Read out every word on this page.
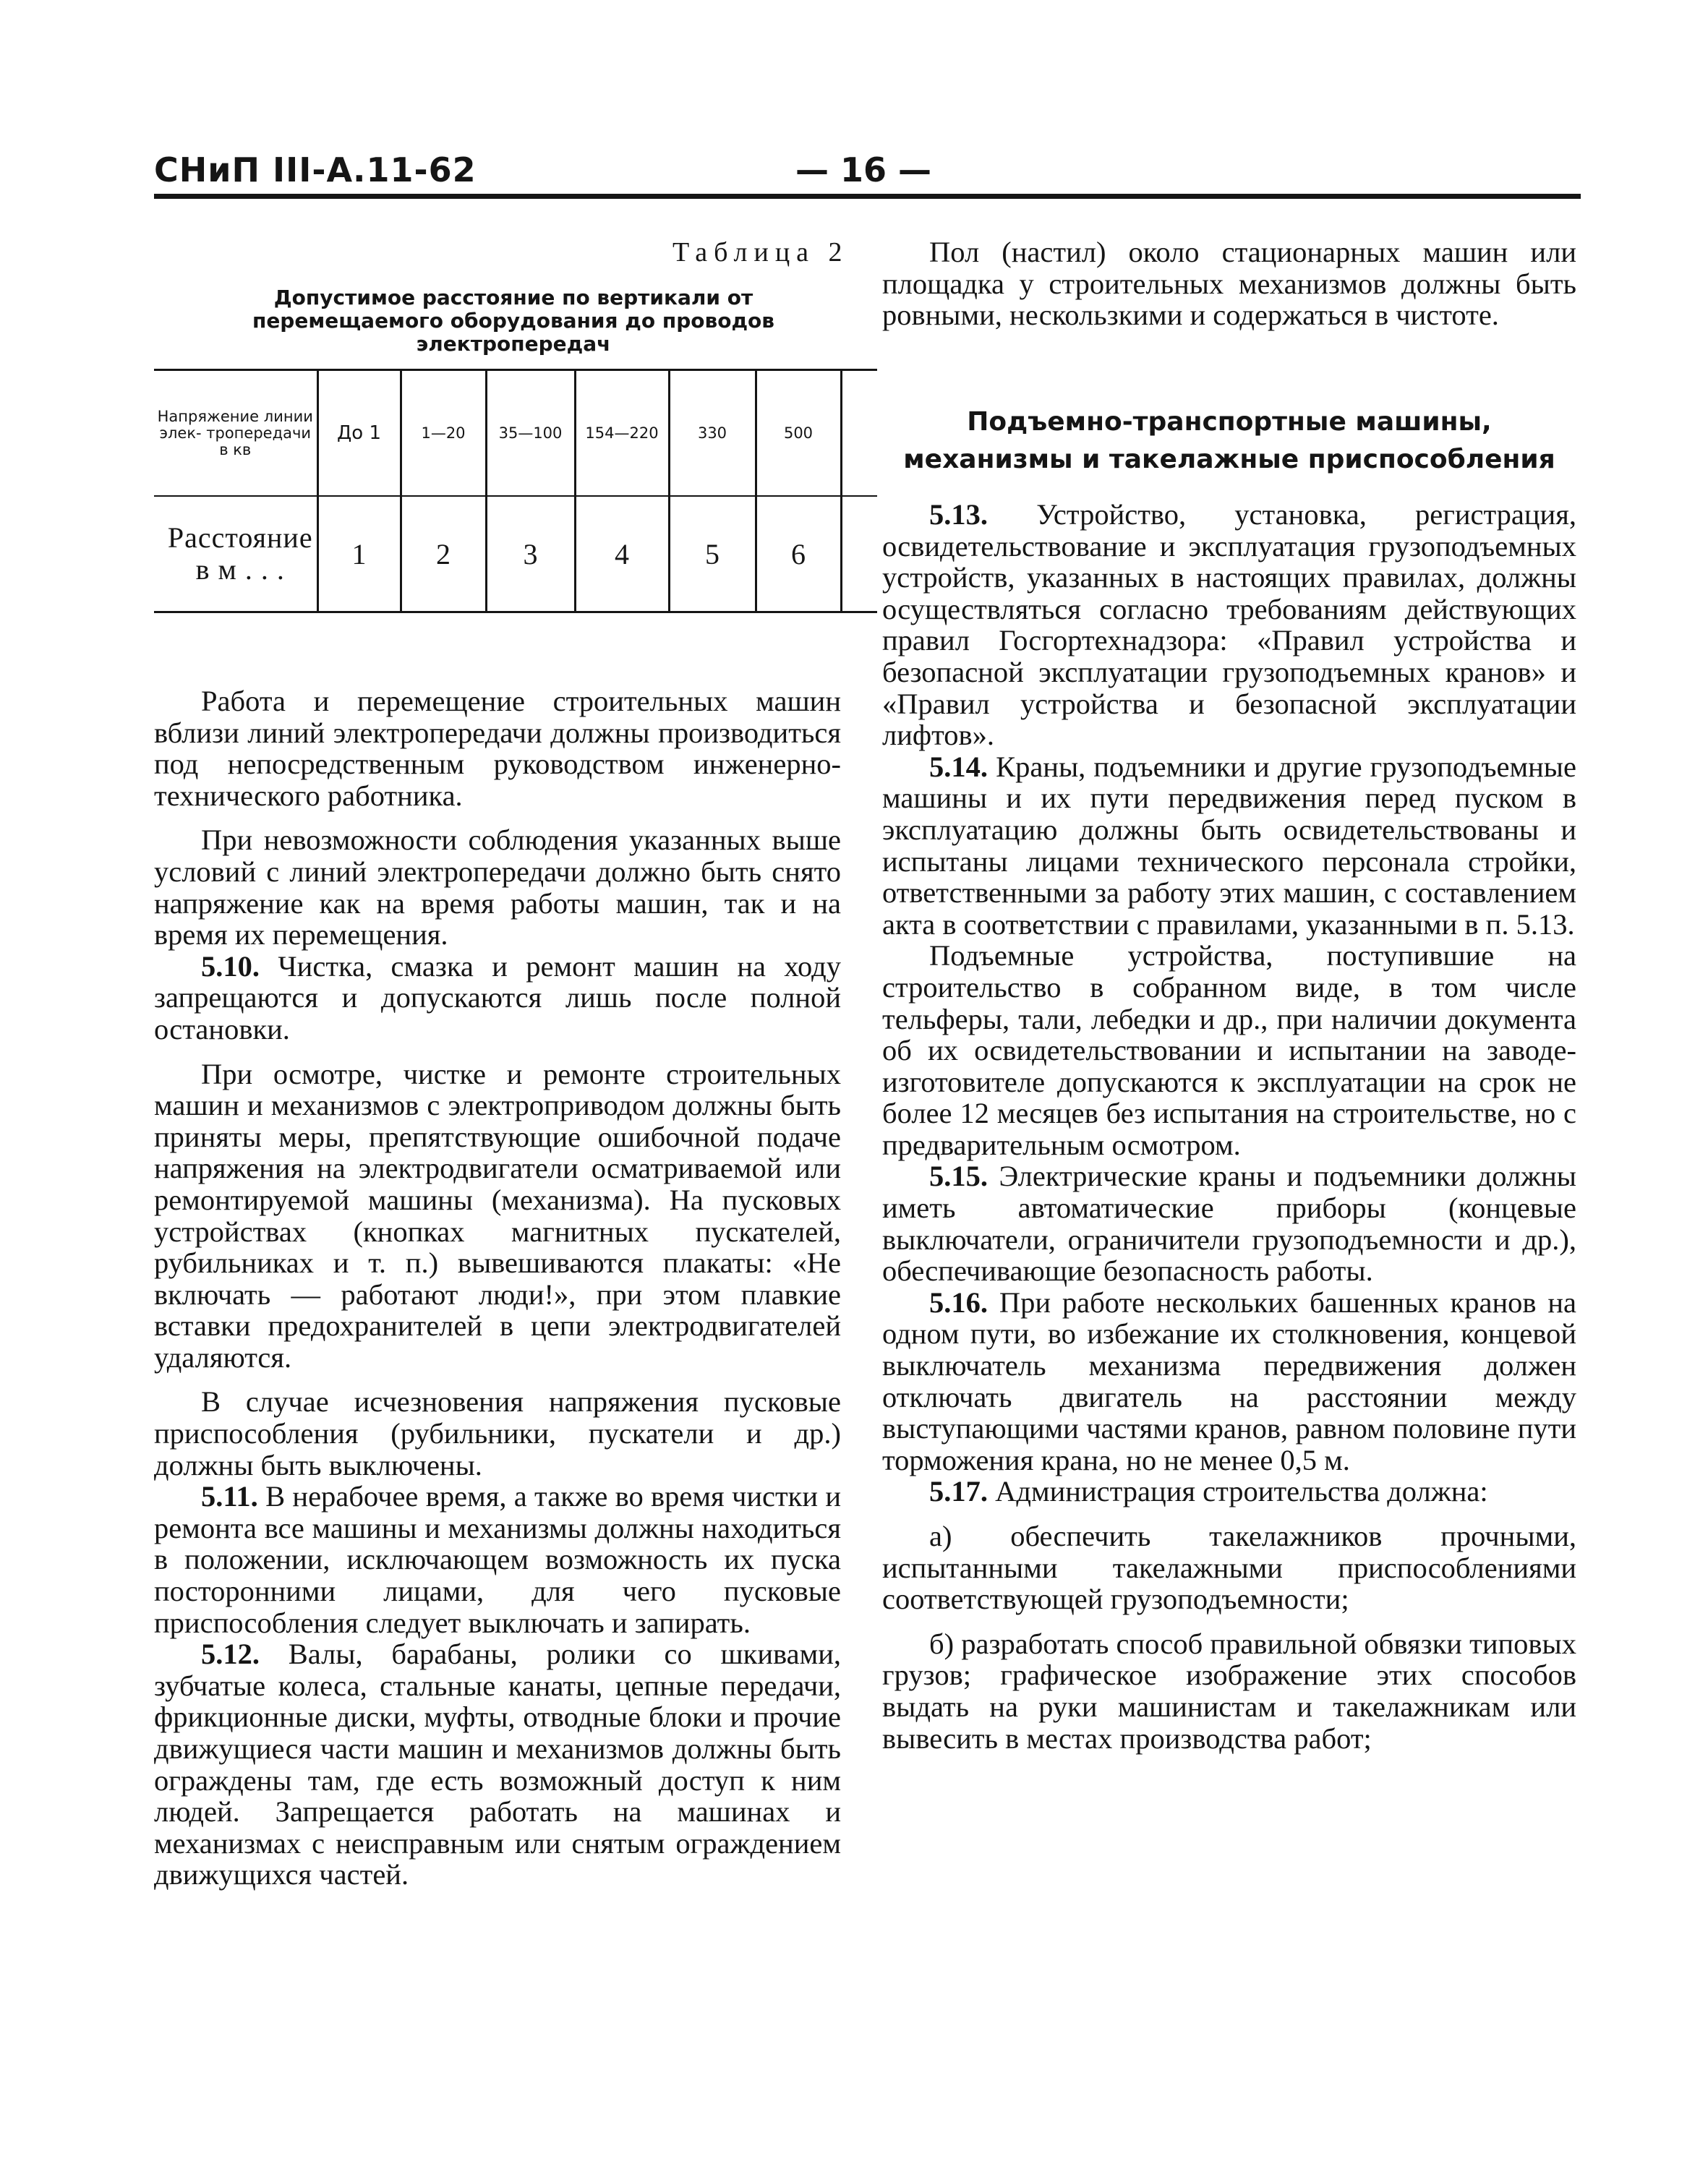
СНиП III-А.11-62	— 16 —
Таблица 2
Допустимое расстояние по вертикали от перемещаемого оборудования до проводов электропередач
Напряжение линии элек- тропередачи в кв	До 1	1—20	35—100	154—220	330	500	
Расстояние в м . . .	1	2	3	4	5	6	

Работа и перемещение строительных машин вблизи линий электропередачи должны производиться под непосредственным руководством инженерно-технического работника.

При невозможности соблюдения указанных выше условий с линий электропередачи должно быть снято напряжение как на время работы машин, так и на время их перемещения.

5.10. Чистка, смазка и ремонт машин на ходу запрещаются и допускаются лишь после полной остановки.

При осмотре, чистке и ремонте строительных машин и механизмов с электроприводом должны быть приняты меры, препятствующие ошибочной подаче напряжения на электродвигатели осматриваемой или ремонтируемой машины (механизма). На пусковых устройствах (кнопках магнитных пускателей, рубильниках и т. п.) вывешиваются плакаты: «Не включать — работают люди!», при этом плавкие вставки предохранителей в цепи электродвигателей удаляются.

В случае исчезновения напряжения пусковые приспособления (рубильники, пускатели и др.) должны быть выключены.

5.11. В нерабочее время, а также во время чистки и ремонта все машины и механизмы должны находиться в положении, исключающем возможность их пуска посторонними лицами, для чего пусковые приспособления следует выключать и запирать.

5.12. Валы, барабаны, ролики со шкивами, зубчатые колеса, стальные канаты, цепные передачи, фрикционные диски, муфты, отводные блоки и прочие движущиеся части машин и механизмов должны быть ограждены там, где есть возможный доступ к ним людей. Запрещается работать на машинах и механизмах с неисправным или снятым ограждением движущихся частей.

Пол (настил) около стационарных машин или площадка у строительных механизмов должны быть ровными, нескользкими и содержаться в чистоте.

Подъемно-транспортные машины, механизмы и такелажные приспособления

5.13. Устройство, установка, регистрация, освидетельствование и эксплуатация грузоподъемных устройств, указанных в настоящих правилах, должны осуществляться согласно требованиям действующих правил Госгортехнадзора: «Правил устройства и безопасной эксплуатации грузоподъемных кранов» и «Правил устройства и безопасной эксплуатации лифтов».

5.14. Краны, подъемники и другие грузоподъемные машины и их пути передвижения перед пуском в эксплуатацию должны быть освидетельствованы и испытаны лицами технического персонала стройки, ответственными за работу этих машин, с составлением акта в соответствии с правилами, указанными в п. 5.13.

Подъемные устройства, поступившие на строительство в собранном виде, в том числе тельферы, тали, лебедки и др., при наличии документа об их освидетельствовании и испытании на заводе-изготовителе допускаются к эксплуатации на срок не более 12 месяцев без испытания на строительстве, но с предварительным осмотром.

5.15. Электрические краны и подъемники должны иметь автоматические приборы (концевые выключатели, ограничители грузоподъемности и др.), обеспечивающие безопасность работы.

5.16. При работе нескольких башенных кранов на одном пути, во избежание их столкновения, концевой выключатель механизма передвижения должен отключать двигатель на расстоянии между выступающими частями кранов, равном половине пути торможения крана, но не менее 0,5 м.

5.17. Администрация строительства должна:

а) обеспечить такелажников прочными, испытанными такелажными приспособлениями соответствующей грузоподъемности;

б) разработать способ правильной обвязки типовых грузов; графическое изображение этих способов выдать на руки машинистам и такелажникам или вывесить в местах производства работ;
